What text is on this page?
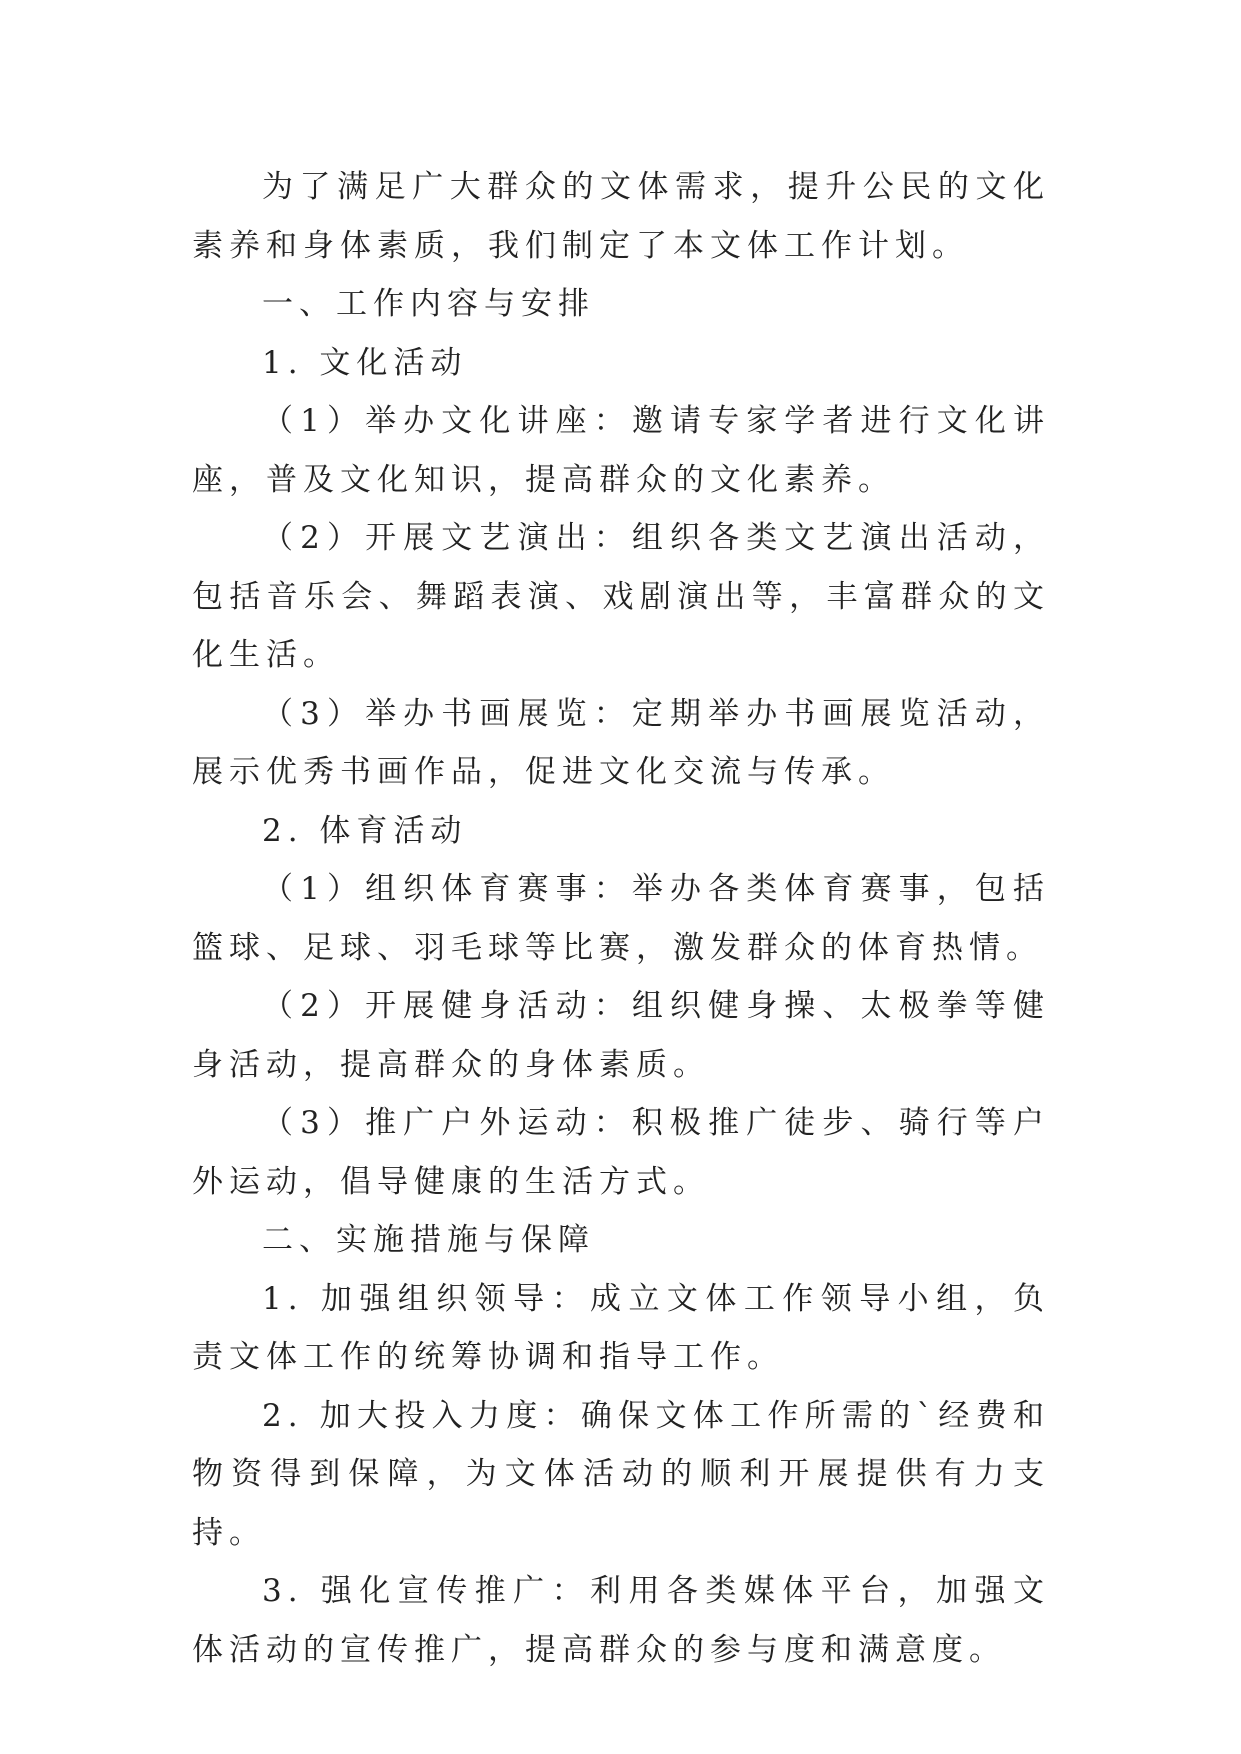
为了满足广大群众的文体需求，提升公民的文化素养和身体素质，我们制定了本文体工作计划。

一、工作内容与安排

1. 文化活动

（1）举办文化讲座：邀请专家学者进行文化讲座，普及文化知识，提高群众的文化素养。

（2）开展文艺演出：组织各类文艺演出活动，包括音乐会、舞蹈表演、戏剧演出等，丰富群众的文化生活。

（3）举办书画展览：定期举办书画展览活动，展示优秀书画作品，促进文化交流与传承。

2. 体育活动

（1）组织体育赛事：举办各类体育赛事，包括篮球、足球、羽毛球等比赛，激发群众的体育热情。

（2）开展健身活动：组织健身操、太极拳等健身活动，提高群众的身体素质。

（3）推广户外运动：积极推广徒步、骑行等户外运动，倡导健康的生活方式。

二、实施措施与保障

1. 加强组织领导：成立文体工作领导小组，负责文体工作的统筹协调和指导工作。

2. 加大投入力度：确保文体工作所需的`经费和物资得到保障，为文体活动的顺利开展提供有力支持。

3. 强化宣传推广：利用各类媒体平台，加强文体活动的宣传推广，提高群众的参与度和满意度。
